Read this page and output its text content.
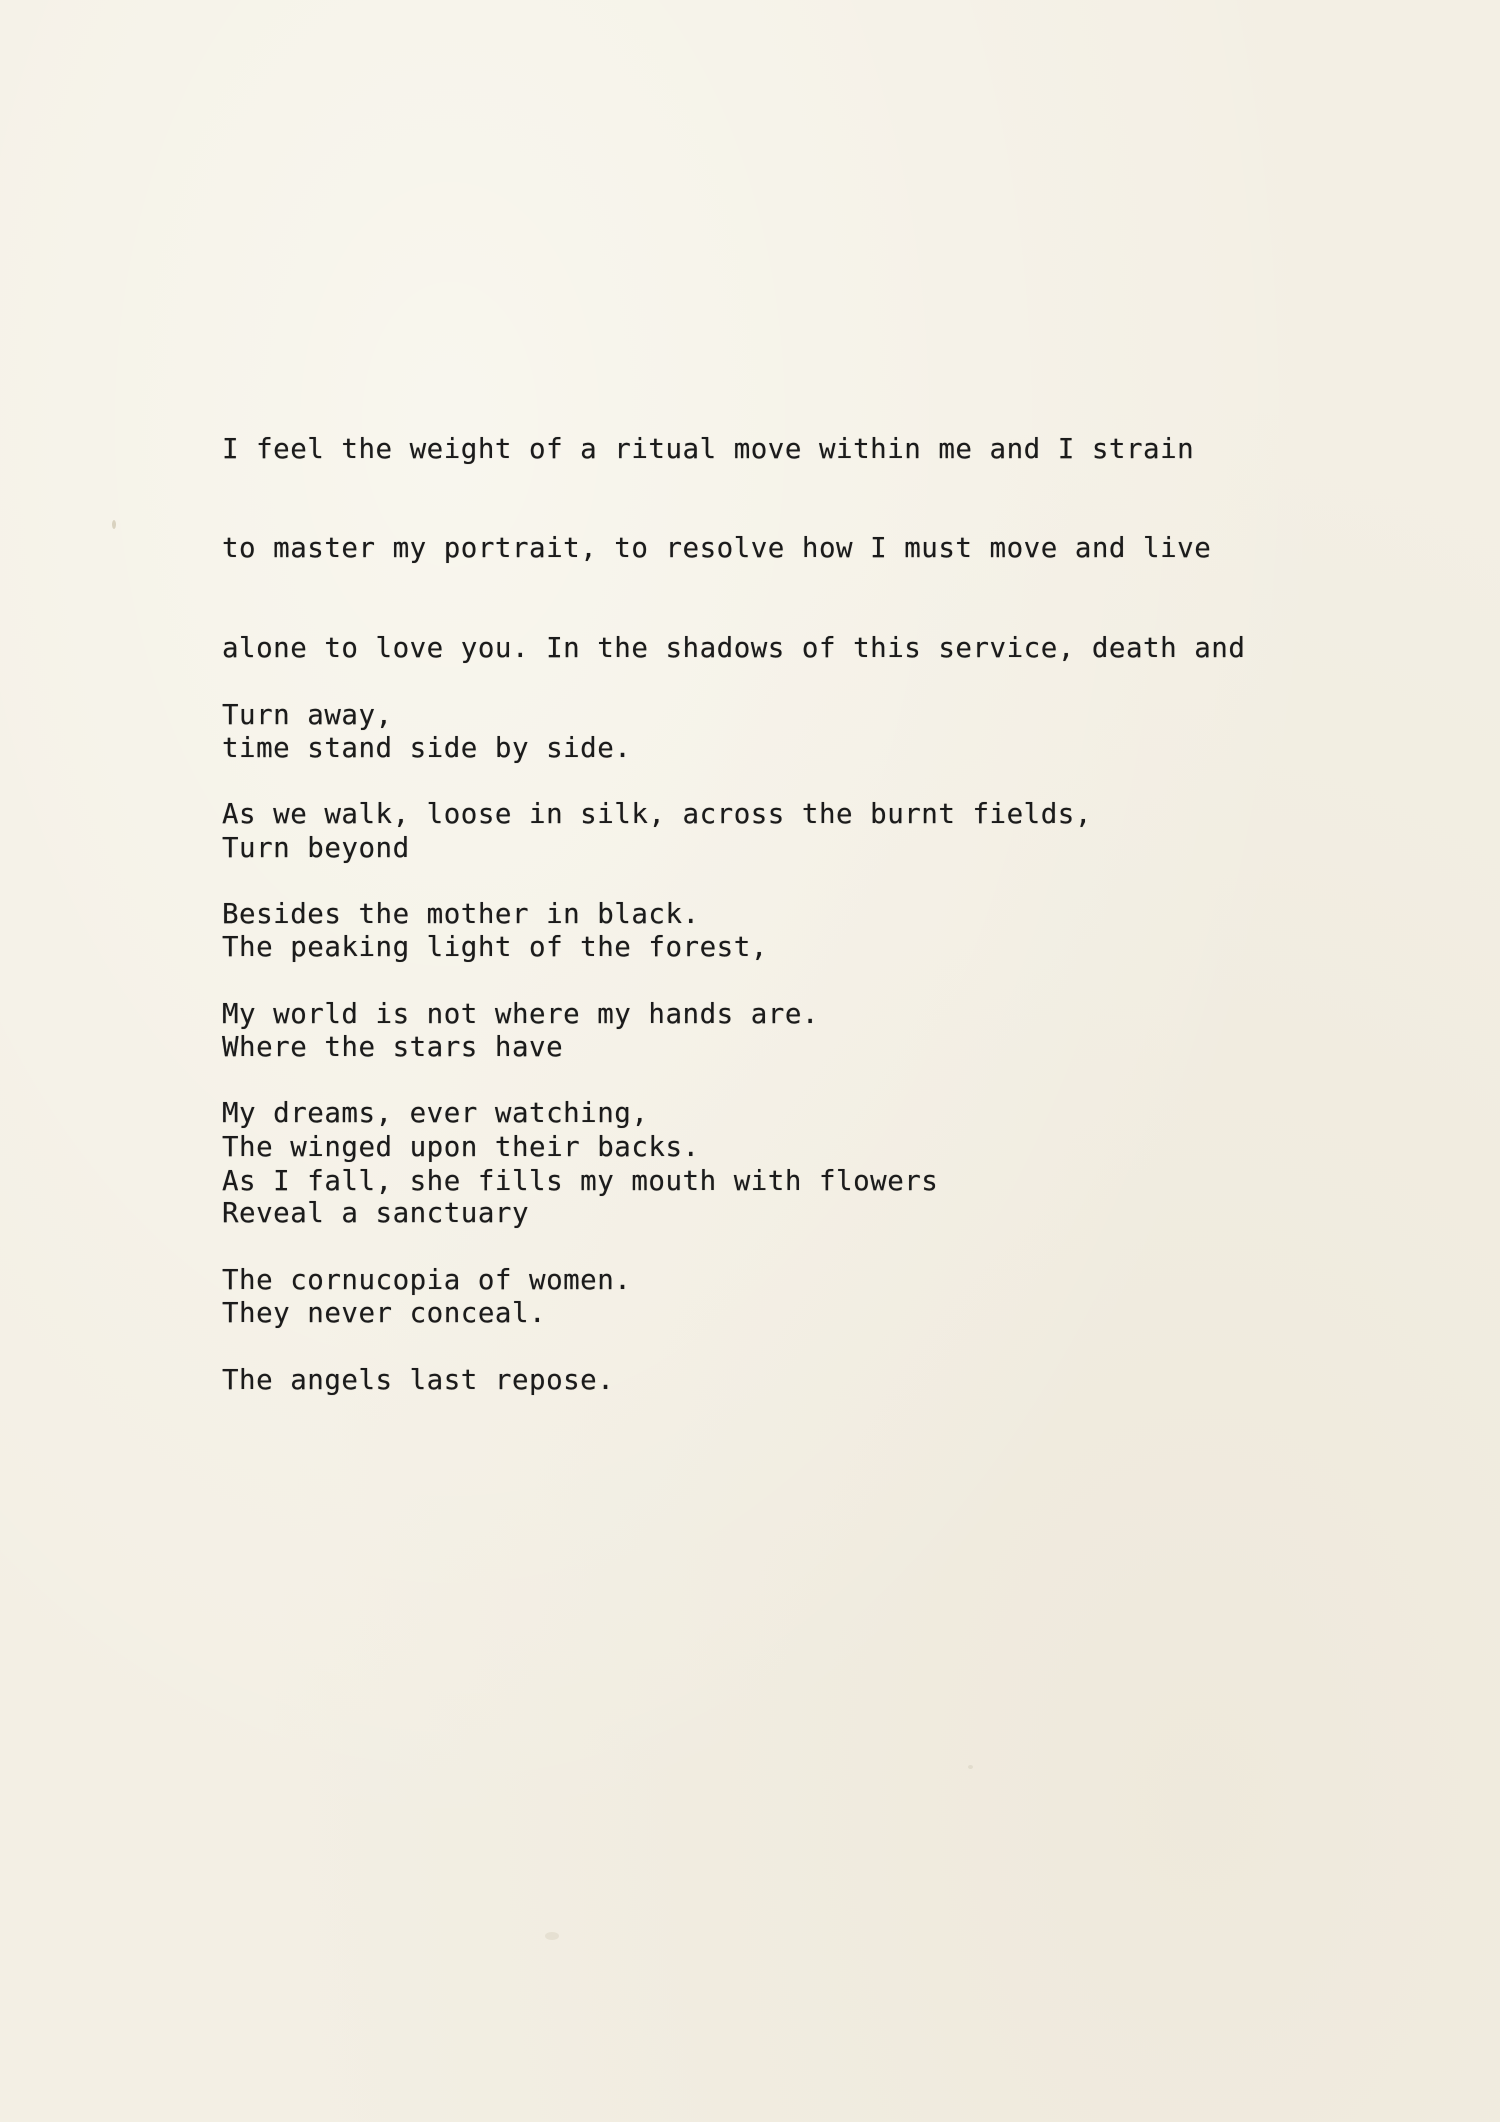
I feel the weight of a ritual move within me and I strain

to master my portrait, to resolve how I must move and live

alone to love you. In the shadows of this service, death and

time stand side by side.

Turn away,

As we walk, loose in silk, across the burnt fields,

Besides the mother in black.

Turn beyond

The peaking light of the forest,

Where the stars have

The winged upon their backs.

My world is not where my hands are.

My dreams, ever watching,

Reveal a sanctuary

They never conceal.

As I fall, she fills my mouth with flowers

The cornucopia of women.

The angels last repose.
